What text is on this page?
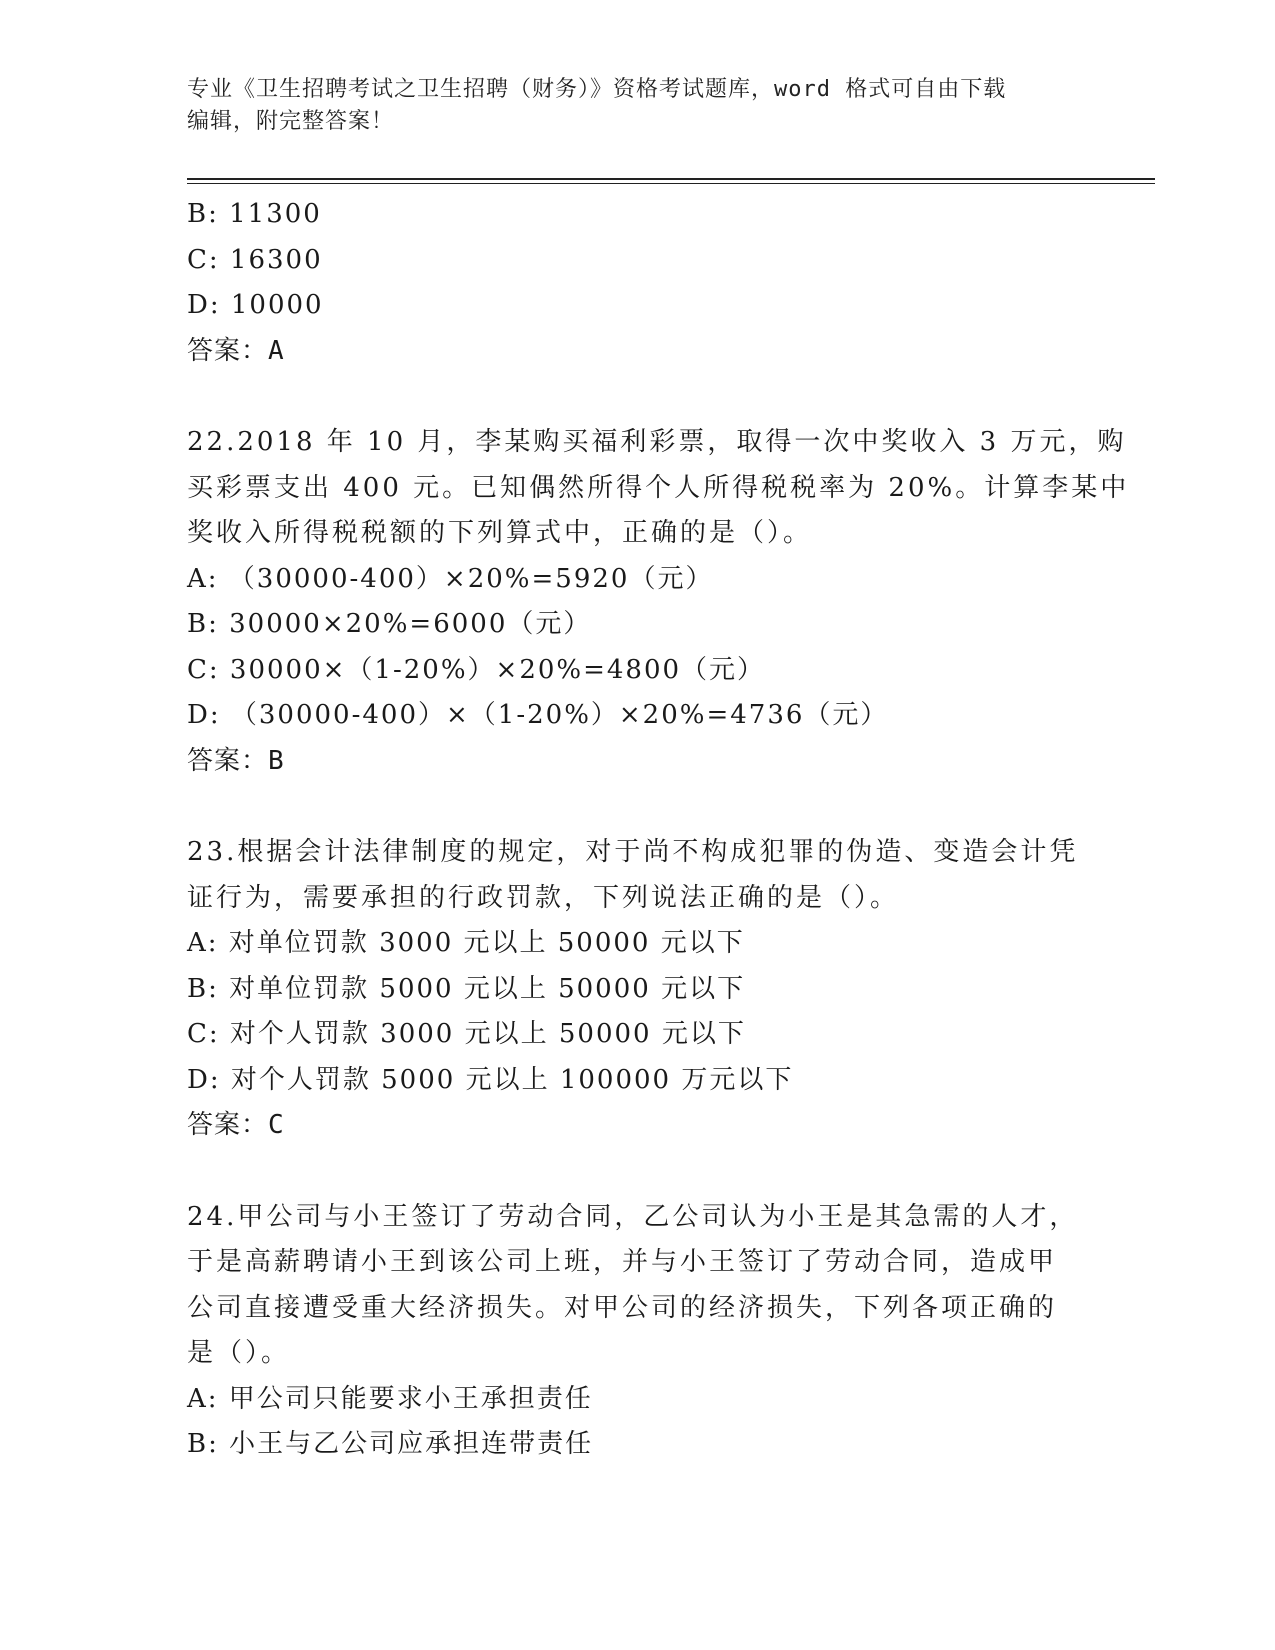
专业《卫生招聘考试之卫生招聘（财务）》资格考试题库，word 格式可自由下载
编辑，附完整答案！
B: 11300
C: 16300
D: 10000
答案：A
22.2018 年 10 月，李某购买福利彩票，取得一次中奖收入 3 万元，购
买彩票支出 400 元。已知偶然所得个人所得税税率为 20%。计算李某中
奖收入所得税税额的下列算式中，正确的是（）。
A: （30000-400）×20%=5920（元）
B: 30000×20%=6000（元）
C: 30000×（1-20%）×20%=4800（元）
D: （30000-400）×（1-20%）×20%=4736（元）
答案：B
23.根据会计法律制度的规定，对于尚不构成犯罪的伪造、变造会计凭
证行为，需要承担的行政罚款，下列说法正确的是（）。
A: 对单位罚款 3000 元以上 50000 元以下
B: 对单位罚款 5000 元以上 50000 元以下
C: 对个人罚款 3000 元以上 50000 元以下
D: 对个人罚款 5000 元以上 100000 万元以下
答案：C
24.甲公司与小王签订了劳动合同，乙公司认为小王是其急需的人才，
于是高薪聘请小王到该公司上班，并与小王签订了劳动合同，造成甲
公司直接遭受重大经济损失。对甲公司的经济损失，下列各项正确的
是（）。
A: 甲公司只能要求小王承担责任
B: 小王与乙公司应承担连带责任
